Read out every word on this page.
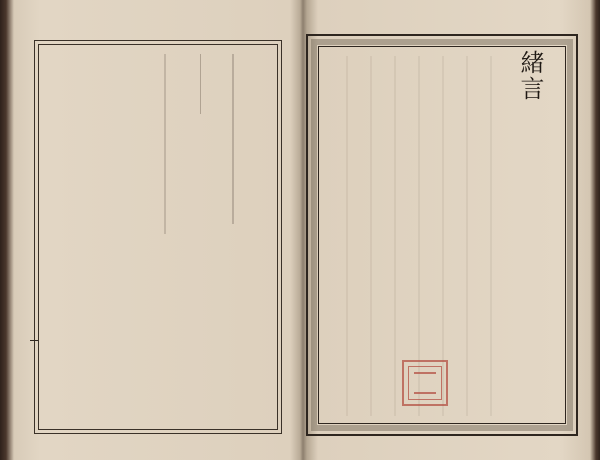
緒言
